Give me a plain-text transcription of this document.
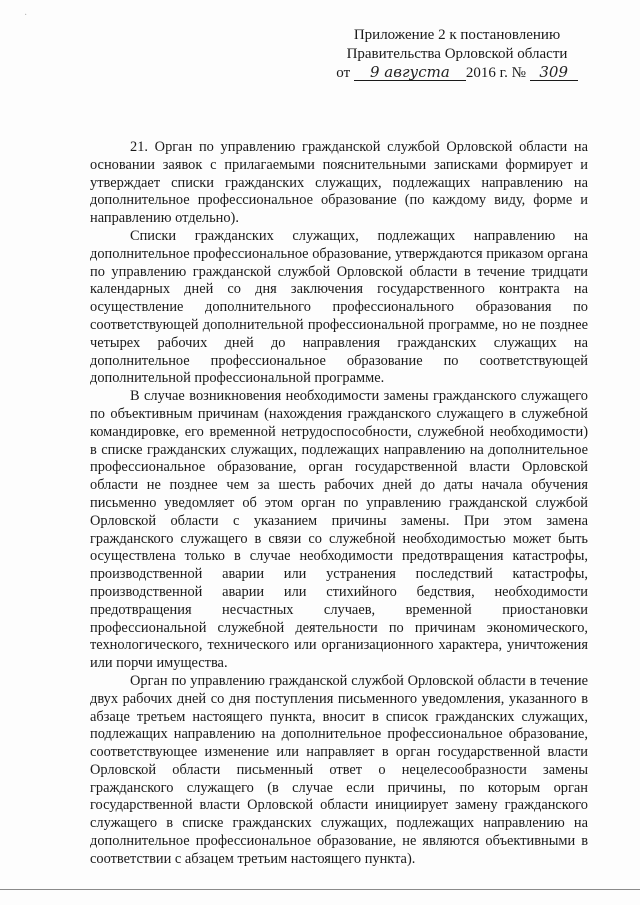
·
Приложение 2 к постановлению
Правительства Орловской области
от 9 августа 2016 г. № 309

21. Орган по управлению гражданской службой Орловской области на основании заявок с прилагаемыми пояснительными записками формирует и утверждает списки гражданских служащих, подлежащих направлению на дополнительное профессиональное образование (по каждому виду, форме и направлению отдельно).

Списки гражданских служащих, подлежащих направлению на дополнительное профессиональное образование, утверждаются приказом органа по управлению гражданской службой Орловской области в течение тридцати календарных дней со дня заключения государственного контракта на осуществление дополнительного профессионального образования по соответствующей дополнительной профессиональной программе, но не позднее четырех рабочих дней до направления гражданских служащих на дополнительное профессиональное образование по соответствующей дополнительной профессиональной программе.

В случае возникновения необходимости замены гражданского служащего по объективным причинам (нахождения гражданского служащего в служебной командировке, его временной нетрудоспособности, служебной необходимости) в списке гражданских служащих, подлежащих направлению на дополнительное профессиональное образование, орган государственной власти Орловской области не позднее чем за шесть рабочих дней до даты начала обучения письменно уведомляет об этом орган по управлению гражданской службой Орловской области с указанием причины замены. При этом замена гражданского служащего в связи со служебной необходимостью может быть осуществлена только в случае необходимости предотвращения катастрофы, производственной аварии или устранения последствий катастрофы, производственной аварии или стихийного бедствия, необходимости предотвращения несчастных случаев, временной приостановки профессиональной служебной деятельности по причинам экономического, технологического, технического или организационного характера, уничтожения или порчи имущества.

Орган по управлению гражданской службой Орловской области в течение двух рабочих дней со дня поступления письменного уведомления, указанного в абзаце третьем настоящего пункта, вносит в список гражданских служащих, подлежащих направлению на дополнительное профессиональное образование, соответствующее изменение или направляет в орган государственной власти Орловской области письменный ответ о нецелесообразности замены гражданского служащего (в случае если причины, по которым орган государственной власти Орловской области инициирует замену гражданского служащего в списке гражданских служащих, подлежащих направлению на дополнительное профессиональное образование, не являются объективными в соответствии с абзацем третьим настоящего пункта).
